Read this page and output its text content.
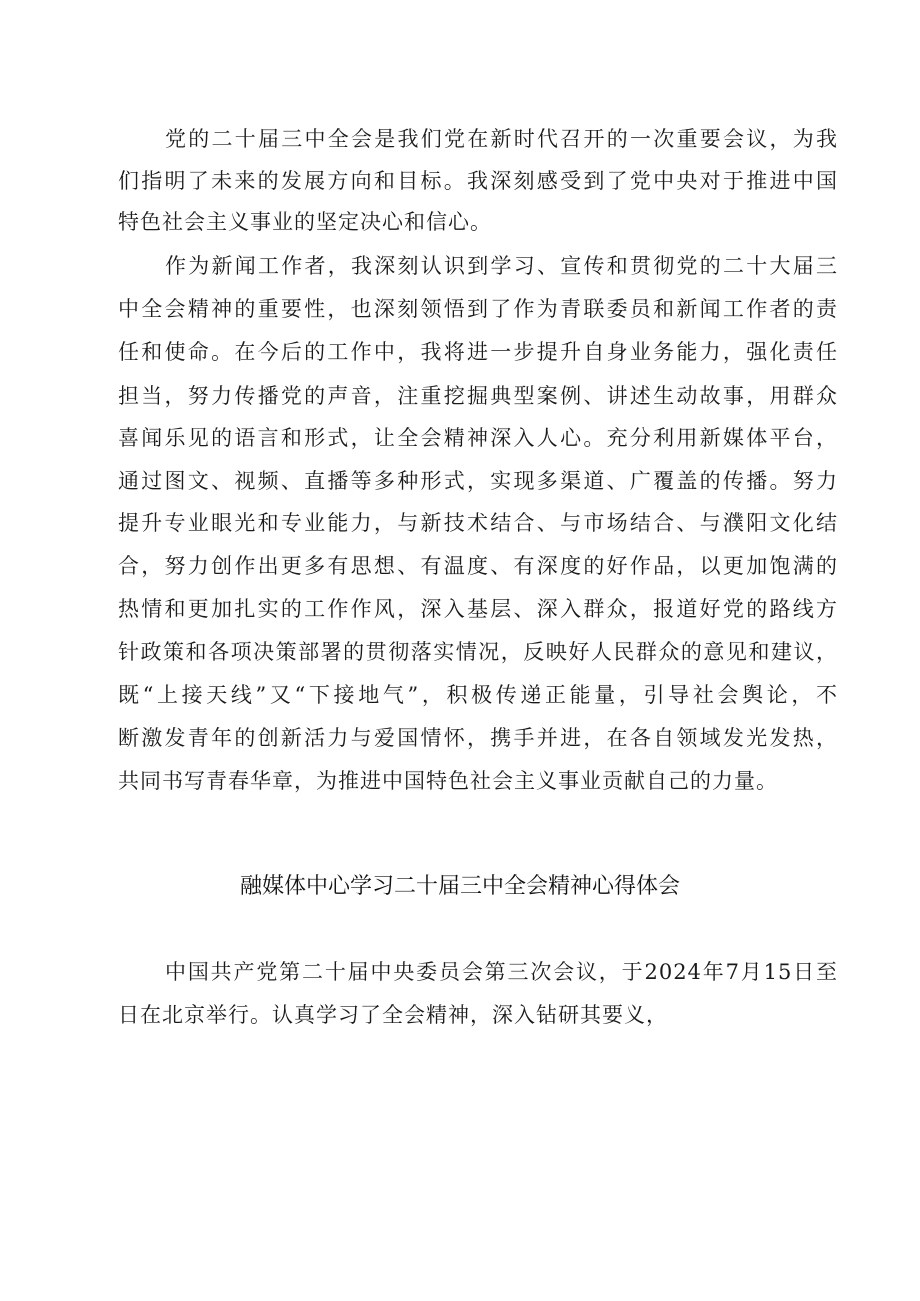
党的二十届三中全会是我们党在新时代召开的一次重要会议，为我
们指明了未来的发展方向和目标。我深刻感受到了党中央对于推进中国
特色社会主义事业的坚定决心和信心。
作为新闻工作者，我深刻认识到学习、宣传和贯彻党的二十大届三
中全会精神的重要性，也深刻领悟到了作为青联委员和新闻工作者的责
任和使命。在今后的工作中，我将进一步提升自身业务能力，强化责任
担当，努力传播党的声音，注重挖掘典型案例、讲述生动故事，用群众
喜闻乐见的语言和形式，让全会精神深入人心。充分利用新媒体平台，
通过图文、视频、直播等多种形式，实现多渠道、广覆盖的传播。努力
提升专业眼光和专业能力，与新技术结合、与市场结合、与濮阳文化结
合，努力创作出更多有思想、有温度、有深度的好作品，以更加饱满的
热情和更加扎实的工作作风，深入基层、深入群众，报道好党的路线方
针政策和各项决策部署的贯彻落实情况，反映好人民群众的意见和建议，
既“上接天线”又“下接地气”，积极传递正能量，引导社会舆论，不
断激发青年的创新活力与爱国情怀，携手并进，在各自领域发光发热，
共同书写青春华章，为推进中国特色社会主义事业贡献自己的力量。
融媒体中心学习二十届三中全会精神心得体会
中国共产党第二十届中央委员会第三次会议，于2024年7月15日至
日在北京举行。认真学习了全会精神，深入钻研其要义，
